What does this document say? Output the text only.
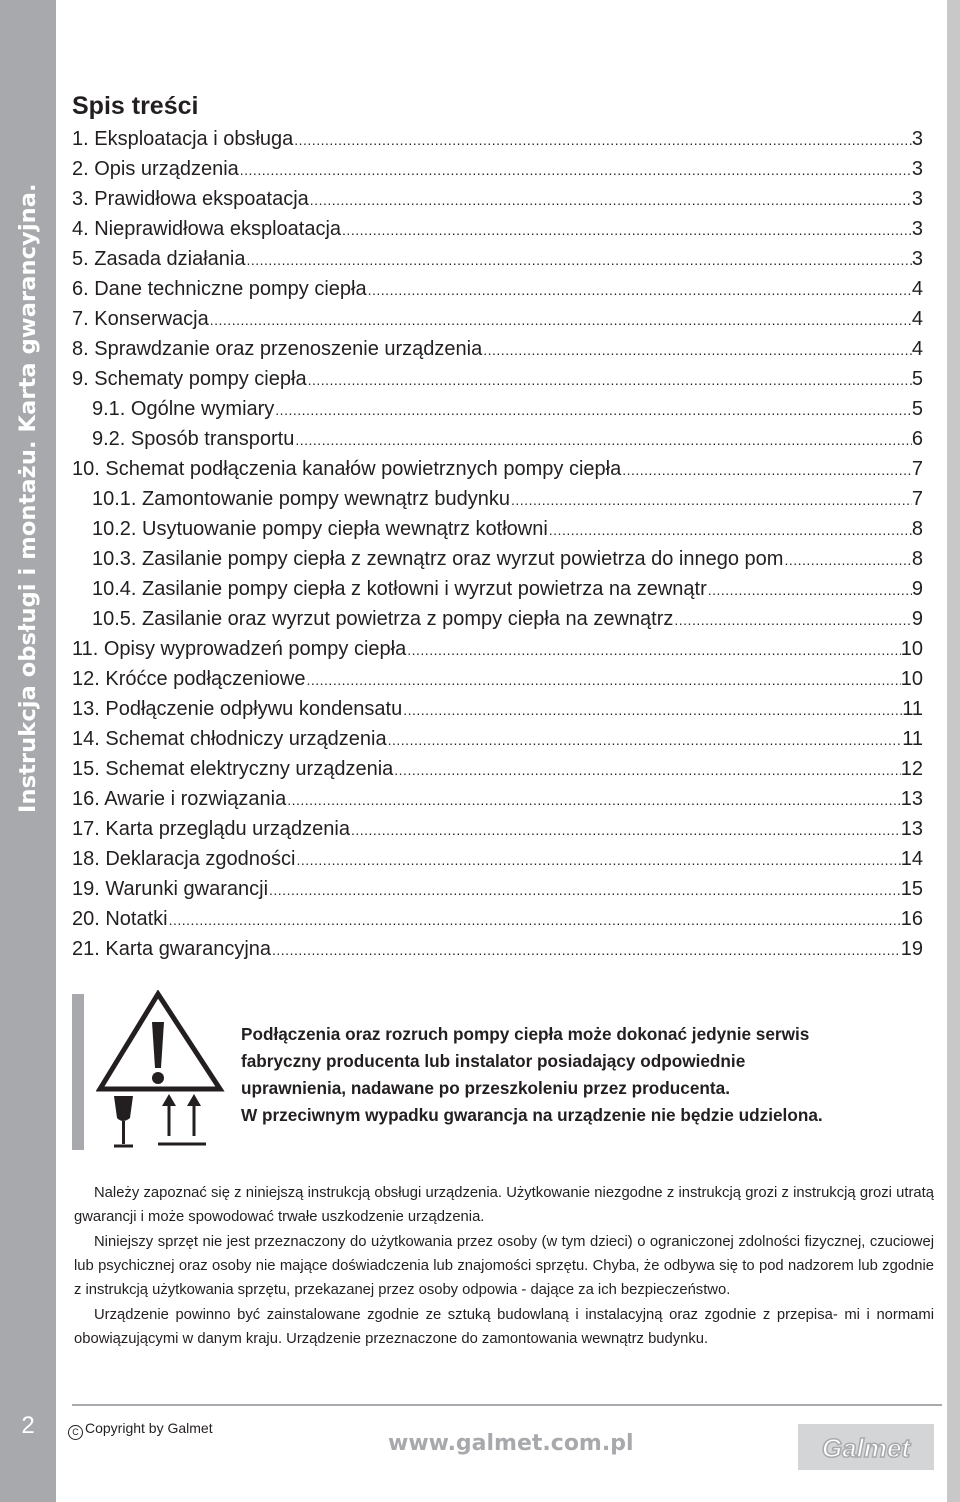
Instrukcja obsługi i montażu. Karta gwarancyjna.
2
Spis treści
1. Eksploatacja i obsługa .....	3
2. Opis urządzenia .....	3
3. Prawidłowa ekspoatacja .....	3
4. Nieprawidłowa eksploatacja .....	3
5. Zasada działania .....	3
6. Dane techniczne pompy ciepła .....	4
7. Konserwacja .....	4
8. Sprawdzanie oraz przenoszenie urządzenia .....	4
9. Schematy pompy ciepła .....	5
9.1. Ogólne wymiary .....	5
9.2. Sposób transportu .....	6
10. Schemat podłączenia kanałów powietrznych pompy ciepła .....	7
10.1. Zamontowanie pompy wewnątrz budynku .....	7
10.2. Usytuowanie pompy ciepła wewnątrz kotłowni .....	8
10.3. Zasilanie pompy ciepła z zewnątrz oraz wyrzut powietrza do innego pom .....	8
10.4. Zasilanie pompy ciepła z kotłowni i wyrzut powietrza na zewnątr .....	9
10.5. Zasilanie oraz wyrzut powietrza z pompy ciepła na zewnątrz .....	9
11. Opisy wyprowadzeń pompy ciepła .....	10
12. Króćce podłączeniowe .....	10
13. Podłączenie odpływu kondensatu .....	11
14. Schemat chłodniczy urządzenia .....	11
15. Schemat elektryczny urządzenia .....	12
16. Awarie i rozwiązania .....	13
17. Karta przeglądu urządzenia .....	13
18. Deklaracja zgodności .....	14
19. Warunki gwarancji .....	15
20. Notatki .....	16
21. Karta gwarancyjna .....	19

Podłączenia oraz rozruch pompy ciepła może dokonać jedynie serwis

fabryczny producenta lub instalator posiadający odpowiednie

uprawnienia, nadawane po przeszkoleniu przez producenta.

W przeciwnym wypadku gwarancja na urządzenie nie będzie udzielona.

Należy zapoznać się z niniejszą instrukcją obsługi urządzenia. Użytkowanie niezgodne z instrukcją grozi z instrukcją grozi utratą gwarancji i może spowodować trwałe uszkodzenie urządzenia.

Niniejszy sprzęt nie jest przeznaczony do użytkowania przez osoby (w tym dzieci) o ograniczonej zdolności fizycznej, czuciowej lub psychicznej oraz osoby nie mające doświadczenia lub znajomości sprzętu. Chyba, że odbywa się to pod nadzorem lub zgodnie z instrukcją użytkowania sprzętu, przekazanej przez osoby odpowia - dające za ich bezpieczeństwo.

Urządzenie powinno być zainstalowane zgodnie ze sztuką budowlaną i instalacyjną oraz zgodnie z przepisa- mi i normami obowiązującymi w danym kraju. Urządzenie przeznaczone do zamontowania wewnątrz budynku.

C Copyright by Galmet
www.galmet.com.pl	Galmet
